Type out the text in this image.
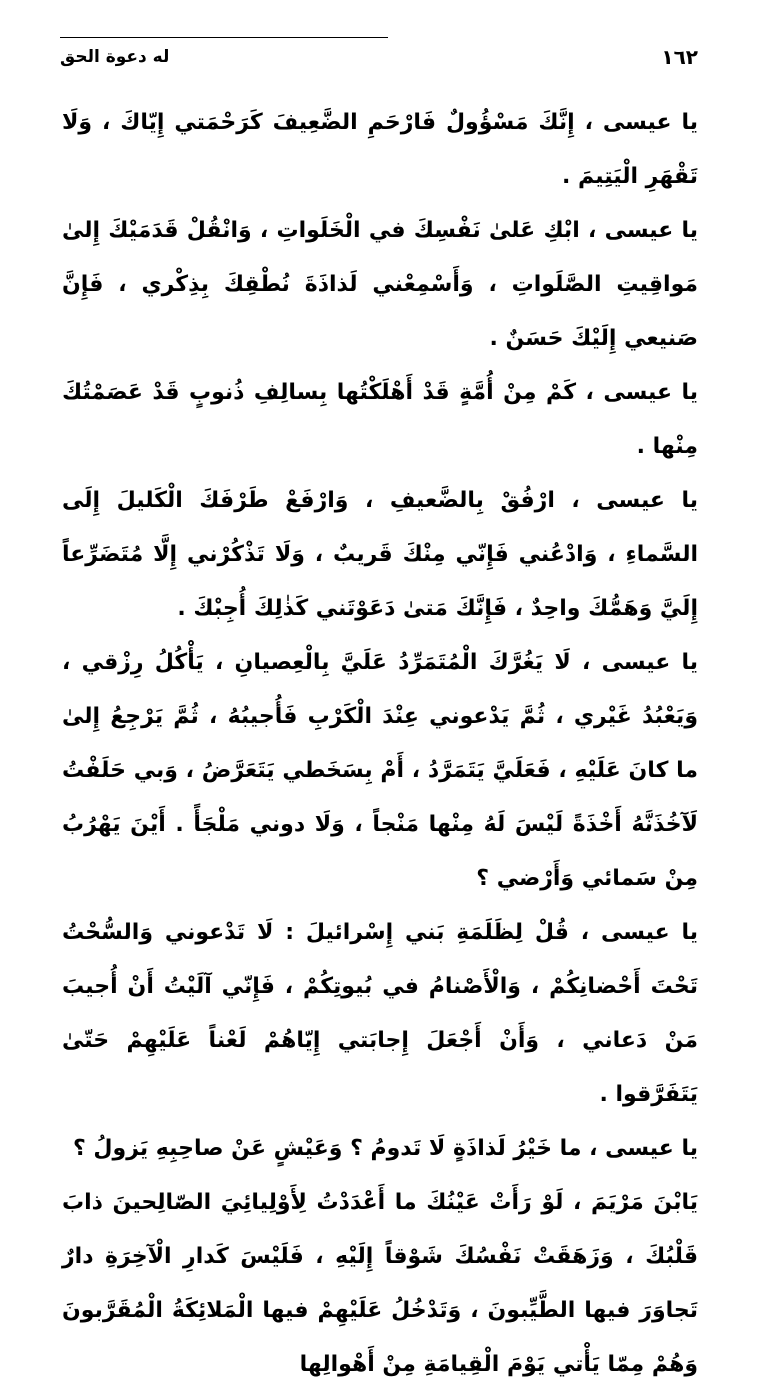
١٦٢
له دعوة الحق

يا عيسى ، إِنَّكَ مَسْؤُولٌ فَارْحَمِ الضَّعِيفَ كَرَحْمَتي إِيّاكَ ، وَلَا تَقْهَرِ الْيَتِيمَ .

يا عيسى ، ابْكِ عَلىٰ نَفْسِكَ في الْخَلَواتِ ، وَانْقُلْ قَدَمَيْكَ إِلىٰ مَواقِيتِ الصَّلَواتِ ، وَأَسْمِعْني لَذاذَةَ نُطْقِكَ بِذِكْري ، فَإِنَّ صَنيعي إِلَيْكَ حَسَنٌ .

يا عيسى ، كَمْ مِنْ أُمَّةٍ قَدْ أَهْلَكْتُها بِسالِفِ ذُنوبٍ قَدْ عَصَمْتُكَ مِنْها .

يا عيسى ، ارْفُقْ بِالضَّعيفِ ، وَارْفَعْ طَرْفَكَ الْكَليلَ إِلَى السَّماءِ ، وَادْعُني فَإِنّي مِنْكَ قَريبٌ ، وَلَا تَذْكُرْني إِلَّا مُتَضَرِّعاً إِلَيَّ وَهَمُّكَ واحِدٌ ، فَإِنَّكَ مَتىٰ دَعَوْتَني كَذٰلِكَ أُجِبْكَ .

يا عيسى ، لَا يَغُرَّكَ الْمُتَمَرِّدُ عَلَيَّ بِالْعِصيانِ ، يَأْكُلُ رِزْقي ، وَيَعْبُدُ غَيْري ، ثُمَّ يَدْعوني عِنْدَ الْكَرْبِ فَأُجيبُهُ ، ثُمَّ يَرْجِعُ إِلىٰ ما كانَ عَلَيْهِ ، فَعَلَيَّ يَتَمَرَّدُ ، أَمْ بِسَخَطي يَتَعَرَّضُ ، وَبي حَلَفْتُ لَآخُذَنَّهُ أَخْذَةً لَيْسَ لَهُ مِنْها مَنْجاً ، وَلَا دوني مَلْجَأً . أَيْنَ يَهْرُبُ مِنْ سَمائي وَأَرْضي ؟

يا عيسى ، قُلْ لِظَلَمَةِ بَني إِسْرائيلَ : لَا تَدْعوني وَالسُّحْتُ تَحْتَ أَحْضانِكُمْ ، وَالْأَصْنامُ في بُيوتِكُمْ ، فَإِنّي آلَيْتُ أَنْ أُجيبَ مَنْ دَعاني ، وَأَنْ أَجْعَلَ إِجابَتي إِيّاهُمْ لَعْناً عَلَيْهِمْ حَتّىٰ يَتَفَرَّقوا .

يا عيسى ، ما خَيْرُ لَذاذَةٍ لَا تَدومُ ؟ وَعَيْشٍ عَنْ صاحِبِهِ يَزولُ ؟

يَابْنَ مَرْيَمَ ، لَوْ رَأَتْ عَيْنُكَ ما أَعْدَدْتُ لِأَوْلِيائِيَ الصّالِحينَ ذابَ قَلْبُكَ ، وَزَهَقَتْ نَفْسُكَ شَوْقاً إِلَيْهِ ، فَلَيْسَ كَدارِ الْآخِرَةِ دارٌ تَجاوَرَ فيها الطَّيِّبونَ ، وَتَدْخُلُ عَلَيْهِمْ فيها الْمَلائِكَةُ الْمُقَرَّبونَ وَهُمْ مِمّا يَأْتي يَوْمَ الْقِيامَةِ مِنْ أَهْوالِها
